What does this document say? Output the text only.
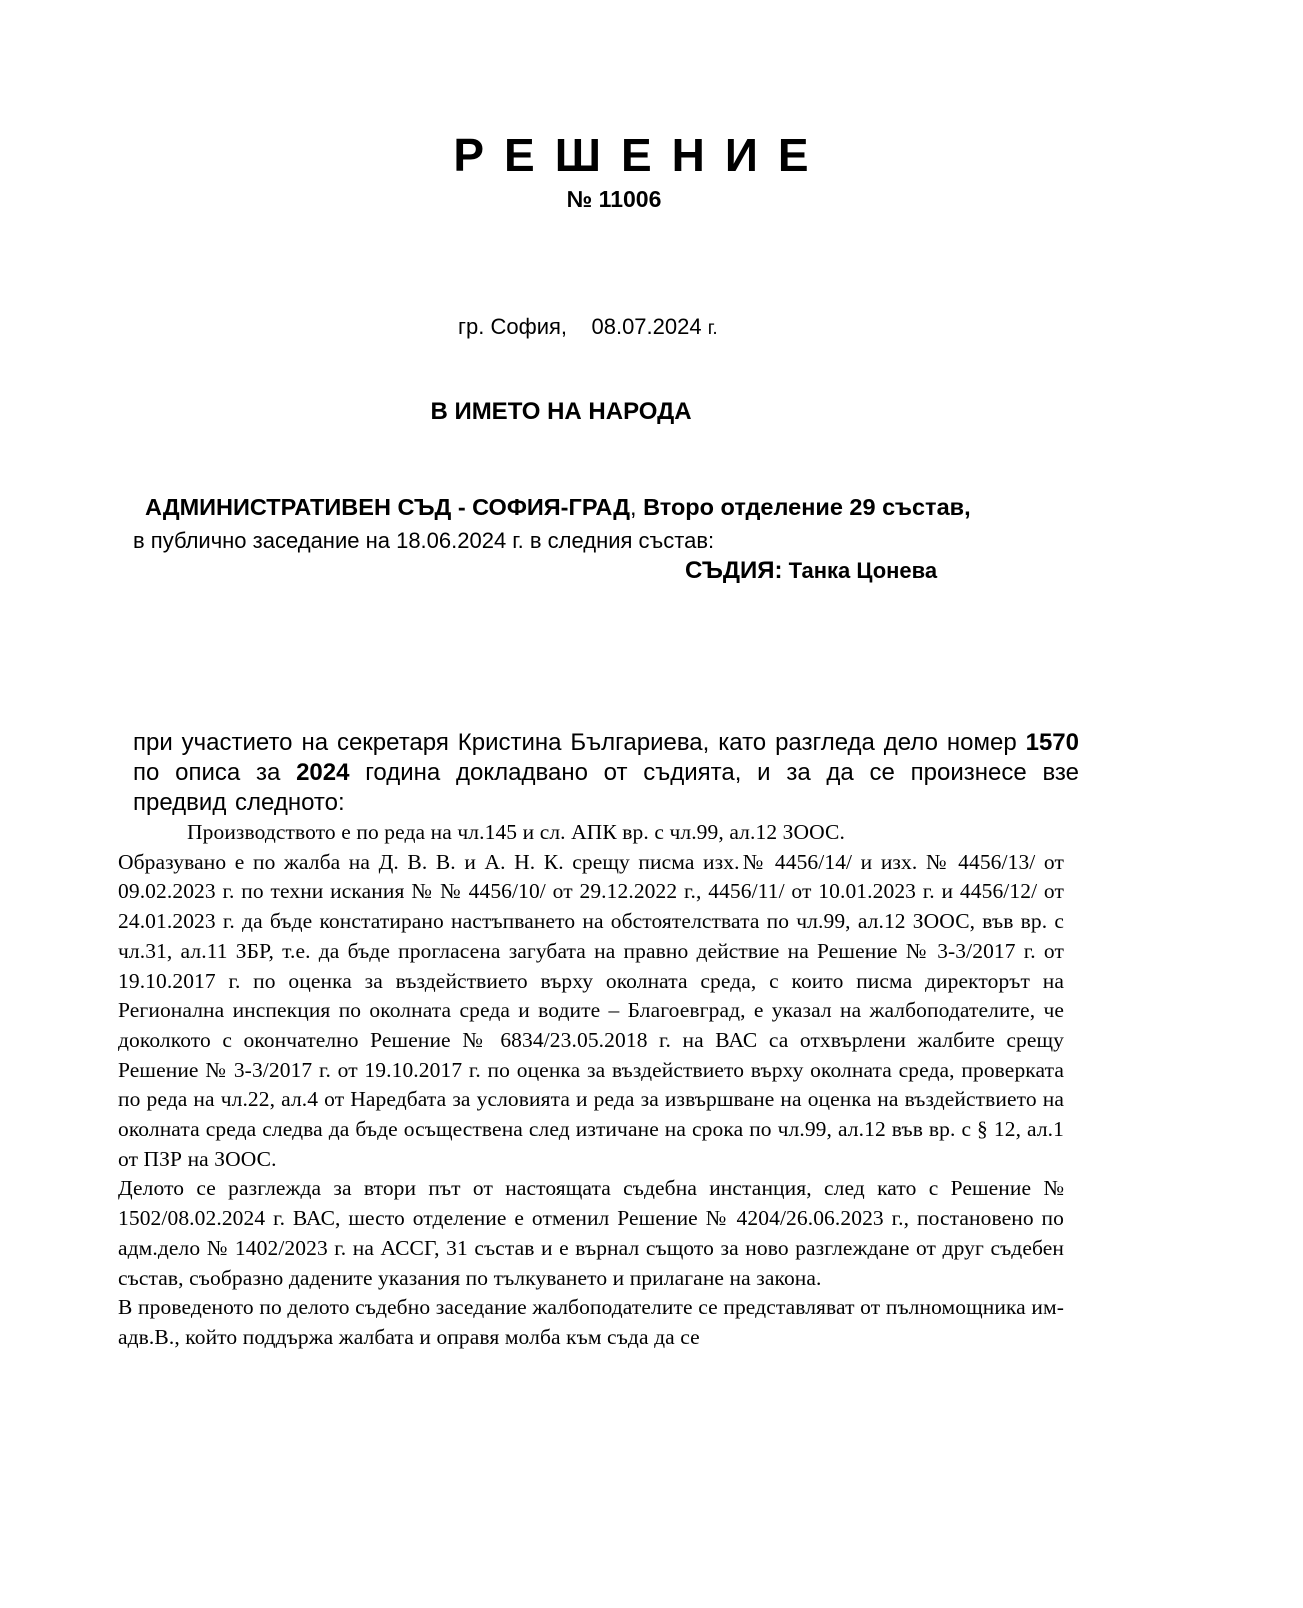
РЕШЕНИЕ
№ 11006
гр. София, 08.07.2024 г.
В ИМЕТО НА НАРОДА
АДМИНИСТРАТИВЕН СЪД - СОФИЯ-ГРАД, Второ отделение 29 състав,
в публично заседание на 18.06.2024 г. в следния състав:
СЪДИЯ: Танка Цонева
при участието на секретаря Кристина Българиева, като разгледа дело номер 1570 по описа за 2024 година докладвано от съдията, и за да се произнесе взе предвид следното:

Производството е по реда на чл.145 и сл. АПК вр. с чл.99, ал.12 ЗООС.

Образувано е по жалба на Д. В. В. и А. Н. К. срещу писма изх.№ 4456/14/ и изх. № 4456/13/ от 09.02.2023 г. по техни искания № № 4456/10/ от 29.12.2022 г., 4456/11/ от 10.01.2023 г. и 4456/12/ от 24.01.2023 г. да бъде констатирано настъпването на обстоятелствата по чл.99, ал.12 ЗООС, във вр. с чл.31, ал.11 ЗБР, т.е. да бъде прогласена загубата на правно действие на Решение № 3-3/2017 г. от 19.10.2017 г. по оценка за въздействието върху околната среда, с които писма директорът на Регионална инспекция по околната среда и водите – Благоевград, е указал на жалбоподателите, че доколкото с окончателно Решение № 6834/23.05.2018 г. на ВАС са отхвърлени жалбите срещу Решение № 3-3/2017 г. от 19.10.2017 г. по оценка за въздействието върху околната среда, проверката по реда на чл.22, ал.4 от Наредбата за условията и реда за извършване на оценка на въздействието на околната среда следва да бъде осъществена след изтичане на срока по чл.99, ал.12 във вр. с § 12, ал.1 от ПЗР на ЗООС.

Делото се разглежда за втори път от настоящата съдебна инстанция, след като с Решение № 1502/08.02.2024 г. ВАС, шесто отделение е отменил Решение № 4204/26.06.2023 г., постановено по адм.дело № 1402/2023 г. на АССГ, 31 състав и е върнал същото за ново разглеждане от друг съдебен състав, съобразно дадените указания по тълкуването и прилагане на закона.

В проведеното по делото съдебно заседание жалбоподателите се представляват от пълномощника им- адв.В., който поддържа жалбата и оправя молба към съда да се
